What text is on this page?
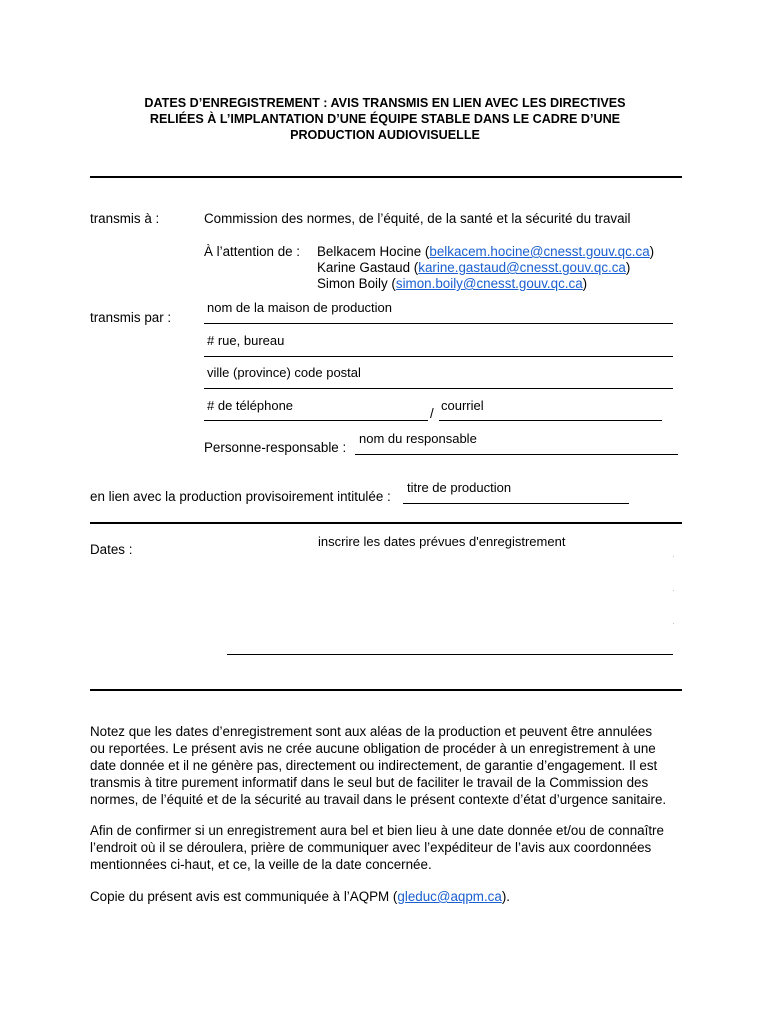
DATES D’ENREGISTREMENT : AVIS TRANSMIS EN LIEN AVEC LES DIRECTIVES
RELIÉES À L’IMPLANTATION D’UNE ÉQUIPE STABLE DANS LE CADRE D’UNE
PRODUCTION AUDIOVISUELLE
transmis à :	Commission des normes, de l’équité, de la santé et la sécurité du travail
À l’attention de : Belkacem Hocine (belkacem.hocine@cnesst.gouv.qc.ca)
Karine Gastaud (karine.gastaud@cnesst.gouv.qc.ca)
Simon Boily (simon.boily@cnesst.gouv.qc.ca)
transmis par :
nom de la maison de production
# rue, bureau
ville (province) code postal
# de téléphone
/
courriel
Personne-responsable :
nom du responsable
en lien avec la production provisoirement intitulée :
titre de production
Dates :
inscrire les dates prévues d'enregistrement
Notez que les dates d’enregistrement sont aux aléas de la production et peuvent être annulées
ou reportées. Le présent avis ne crée aucune obligation de procéder à un enregistrement à une
date donnée et il ne génère pas, directement ou indirectement, de garantie d’engagement. Il est
transmis à titre purement informatif dans le seul but de faciliter le travail de la Commission des
normes, de l’équité et de la sécurité au travail dans le présent contexte d’état d’urgence sanitaire.
Afin de confirmer si un enregistrement aura bel et bien lieu à une date donnée et/ou de connaître
l’endroit où il se déroulera, prière de communiquer avec l’expéditeur de l’avis aux coordonnées
mentionnées ci-haut, et ce, la veille de la date concernée.
Copie du présent avis est communiquée à l’AQPM (gleduc@aqpm.ca).
